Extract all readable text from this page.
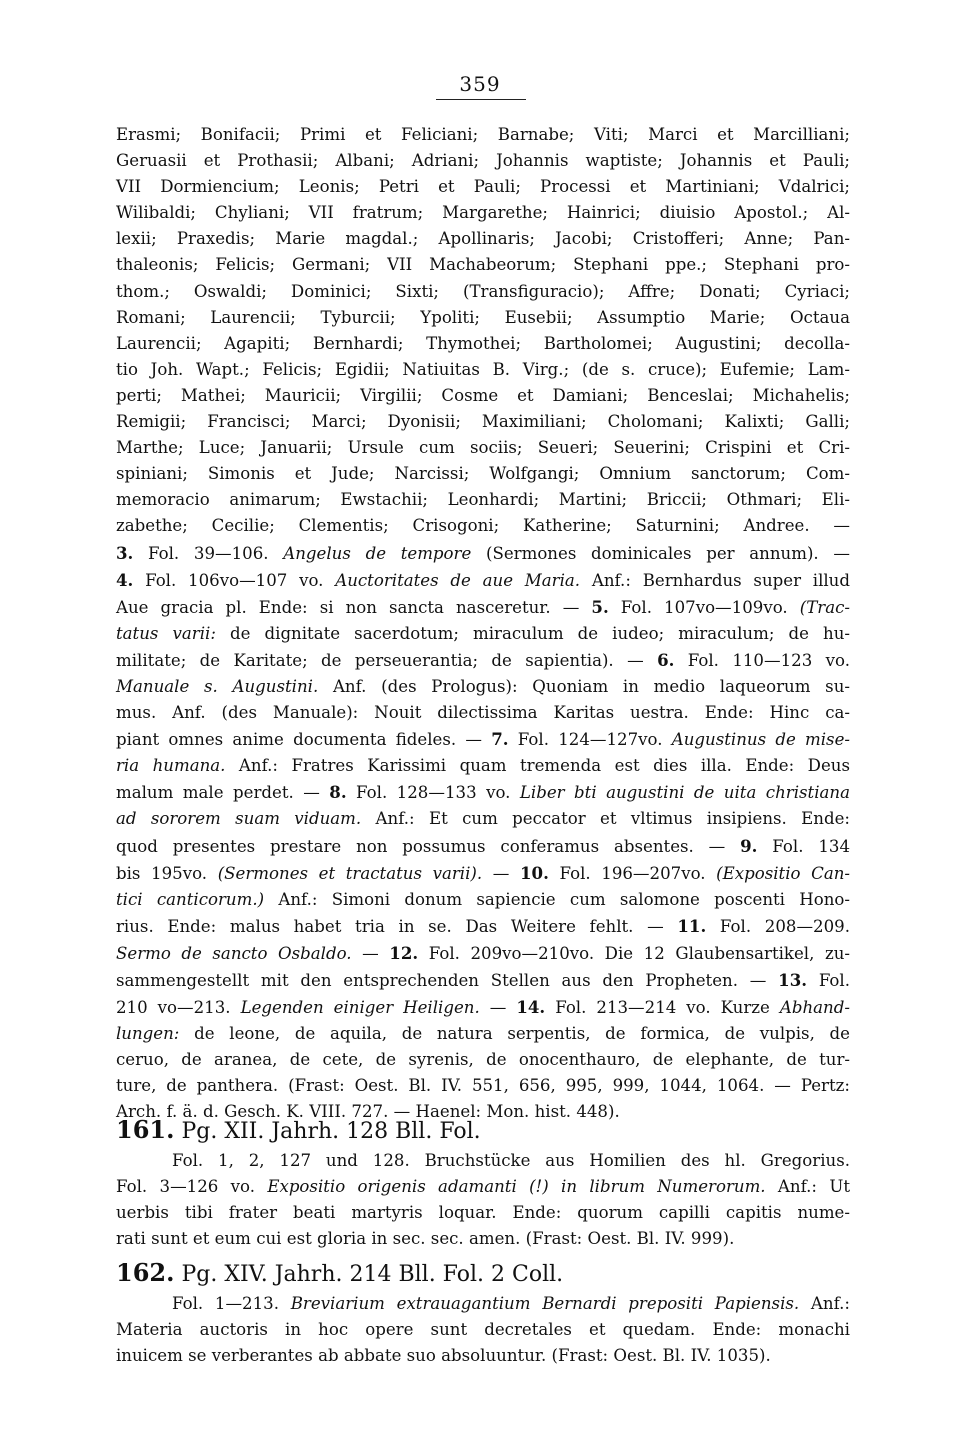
359
Erasmi; Bonifacii; Primi et Feliciani; Barnabe; Viti; Marci et Marcilliani;
Geruasii et Prothasii; Albani; Adriani; Johannis waptiste; Johannis et Pauli;
VII Dormiencium; Leonis; Petri et Pauli; Processi et Martiniani; Vdalrici;
Wilibaldi; Chyliani; VII fratrum; Margarethe; Hainrici; diuisio Apostol.; Al-
lexii; Praxedis; Marie magdal.; Apollinaris; Jacobi; Cristofferi; Anne; Pan-
thaleonis; Felicis; Germani; VII Machabeorum; Stephani ppe.; Stephani pro-
thom.; Oswaldi; Dominici; Sixti; (Transfiguracio); Affre; Donati; Cyriaci;
Romani; Laurencii; Tyburcii; Ypoliti; Eusebii; Assumptio Marie; Octaua
Laurencii; Agapiti; Bernhardi; Thymothei; Bartholomei; Augustini; decolla-
tio Joh. Wapt.; Felicis; Egidii; Natiuitas B. Virg.; (de s. cruce); Eufemie; Lam-
perti; Mathei; Mauricii; Virgilii; Cosme et Damiani; Benceslai; Michahelis;
Remigii; Francisci; Marci; Dyonisii; Maximiliani; Cholomani; Kalixti; Galli;
Marthe; Luce; Januarii; Ursule cum sociis; Seueri; Seuerini; Crispini et Cri-
spiniani; Simonis et Jude; Narcissi; Wolfgangi; Omnium sanctorum; Com-
memoracio animarum; Ewstachii; Leonhardi; Martini; Briccii; Othmari; Eli-
zabethe; Cecilie; Clementis; Crisogoni; Katherine; Saturnini; Andree. —
3. Fol. 39—106. Angelus de tempore (Sermones dominicales per annum). —
4. Fol. 106vo—107 vo. Auctoritates de aue Maria. Anf.: Bernhardus super illud
Aue gracia pl. Ende: si non sancta nasceretur. — 5. Fol. 107vo—109vo. (Trac-
tatus varii: de dignitate sacerdotum; miraculum de iudeo; miraculum; de hu-
militate; de Karitate; de perseuerantia; de sapientia). — 6. Fol. 110—123 vo.
Manuale s. Augustini. Anf. (des Prologus): Quoniam in medio laqueorum su-
mus. Anf. (des Manuale): Nouit dilectissima Karitas uestra. Ende: Hinc ca-
piant omnes anime documenta fideles. — 7. Fol. 124—127vo. Augustinus de mise-
ria humana. Anf.: Fratres Karissimi quam tremenda est dies illa. Ende: Deus
malum male perdet. — 8. Fol. 128—133 vo. Liber bti augustini de uita christiana
ad sororem suam viduam. Anf.: Et cum peccator et vltimus insipiens. Ende:
quod presentes prestare non possumus conferamus absentes. — 9. Fol. 134
bis 195vo. (Sermones et tractatus varii). — 10. Fol. 196—207vo. (Expositio Can-
tici canticorum.) Anf.: Simoni donum sapiencie cum salomone poscenti Hono-
rius. Ende: malus habet tria in se. Das Weitere fehlt. — 11. Fol. 208—209.
Sermo de sancto Osbaldo. — 12. Fol. 209vo—210vo. Die 12 Glaubensartikel, zu-
sammengestellt mit den entsprechenden Stellen aus den Propheten. — 13. Fol.
210 vo—213. Legenden einiger Heiligen. — 14. Fol. 213—214 vo. Kurze Abhand-
lungen: de leone, de aquila, de natura serpentis, de formica, de vulpis, de
ceruo, de aranea, de cete, de syrenis, de onocenthauro, de elephante, de tur-
ture, de panthera. (Frast: Oest. Bl. IV. 551, 656, 995, 999, 1044, 1064. — Pertz:
Arch. f. ä. d. Gesch. K. VIII. 727. — Haenel: Mon. hist. 448).
161. Pg. XII. Jahrh. 128 Bll. Fol.
Fol. 1, 2, 127 und 128. Bruchstücke aus Homilien des hl. Gregorius.
Fol. 3—126 vo. Expositio origenis adamanti (!) in librum Numerorum. Anf.: Ut
uerbis tibi frater beati martyris loquar. Ende: quorum capilli capitis nume-
rati sunt et eum cui est gloria in sec. sec. amen. (Frast: Oest. Bl. IV. 999).
162. Pg. XIV. Jahrh. 214 Bll. Fol. 2 Coll.
Fol. 1—213. Breviarium extrauagantium Bernardi prepositi Papiensis. Anf.:
Materia auctoris in hoc opere sunt decretales et quedam. Ende: monachi
inuicem se verberantes ab abbate suo absoluuntur. (Frast: Oest. Bl. IV. 1035).
